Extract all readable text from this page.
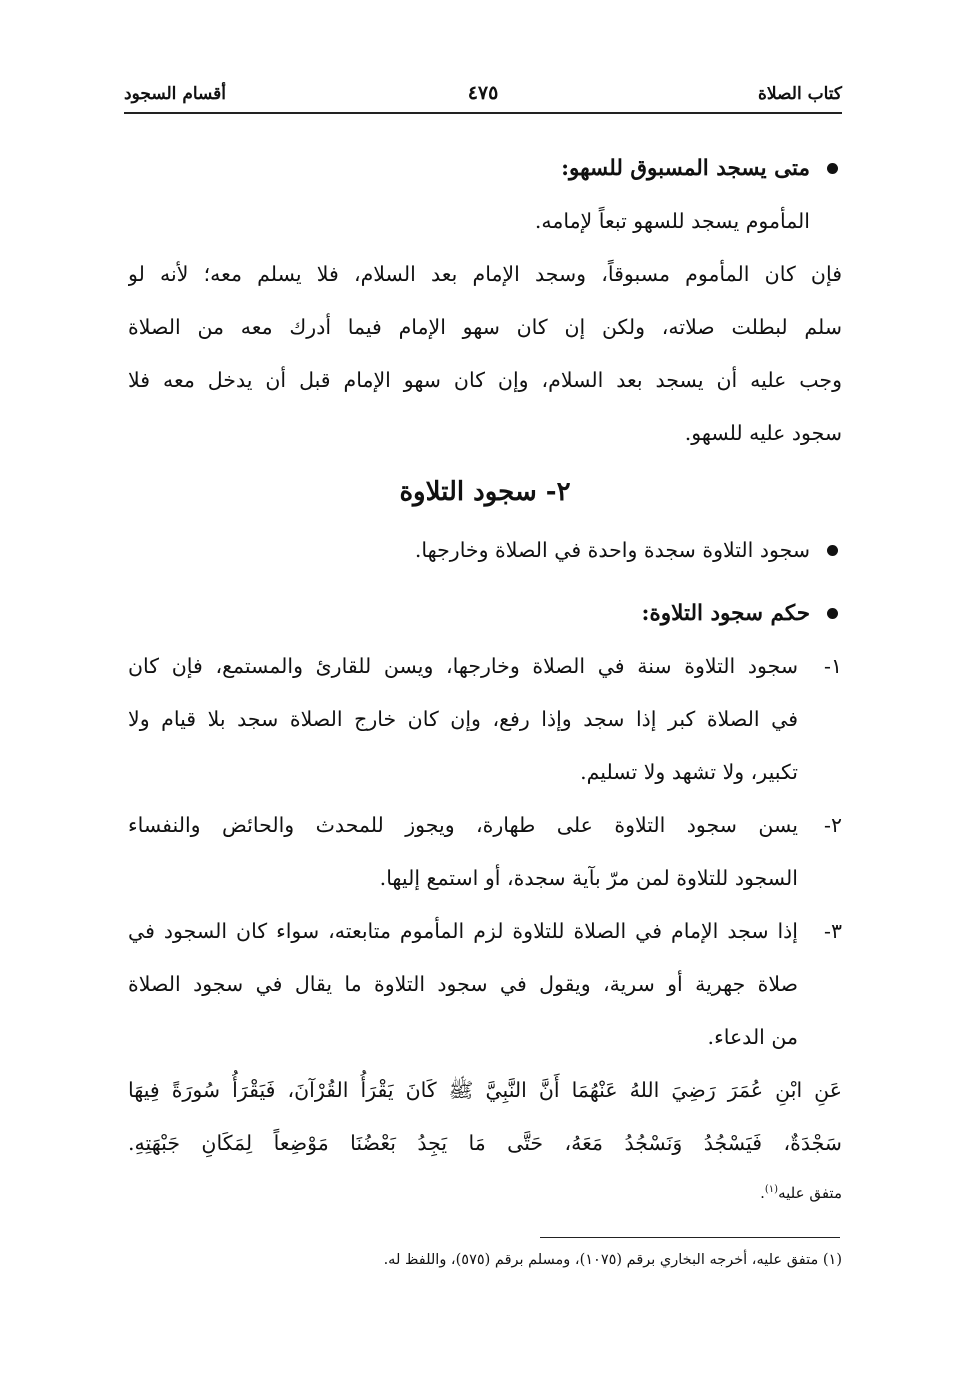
أقسام السجود	٤٧٥	كتاب الصلاة
متى يسجد المسبوق للسهو:
المأموم يسجد للسهو تبعاً لإمامه.
فإن كان المأموم مسبوقاً، وسجد الإمام بعد السلام، فلا يسلم معه؛ لأنه لو
سلم لبطلت صلاته، ولكن إن كان سهو الإمام فيما أدرك معه من الصلاة
وجب عليه أن يسجد بعد السلام، وإن كان سهو الإمام قبل أن يدخل معه فلا
سجود عليه للسهو.
٢- سجود التلاوة
سجود التلاوة سجدة واحدة في الصلاة وخارجها.
حكم سجود التلاوة:
١-
سجود التلاوة سنة في الصلاة وخارجها، ويسن للقارئ والمستمع، فإن كان
في الصلاة كبر إذا سجد وإذا رفع، وإن كان خارج الصلاة سجد بلا قيام ولا
تكبير، ولا تشهد ولا تسليم.
٢-
يسن سجود التلاوة على طهارة، ويجوز للمحدث والحائض والنفساء
السجود للتلاوة لمن مرّ بآية سجدة، أو استمع إليها.
٣-
إذا سجد الإمام في الصلاة للتلاوة لزم المأموم متابعته، سواء كان السجود في
صلاة جهرية أو سرية، ويقول في سجود التلاوة ما يقال في سجود الصلاة
من الدعاء.
عَنِ ابْنِ عُمَرَ رَضِيَ اللهُ عَنْهُمَا أَنَّ النَّبِيَّ ﷺ كَانَ يَقْرَأُ القُرْآنَ، فَيَقْرَأُ سُورَةً فِيهَا
سَجْدَةٌ، فَيَسْجُدُ وَنَسْجُدُ مَعَهُ، حَتَّى مَا يَجِدُ بَعْضُنَا مَوْضِعاً لِمَكَانِ جَبْهَتِهِ.
متفق عليه$^{(١)}$.
(١) متفق عليه، أخرجه البخاري برقم (١٠٧٥)، ومسلم برقم (٥٧٥)، واللفظ له.
